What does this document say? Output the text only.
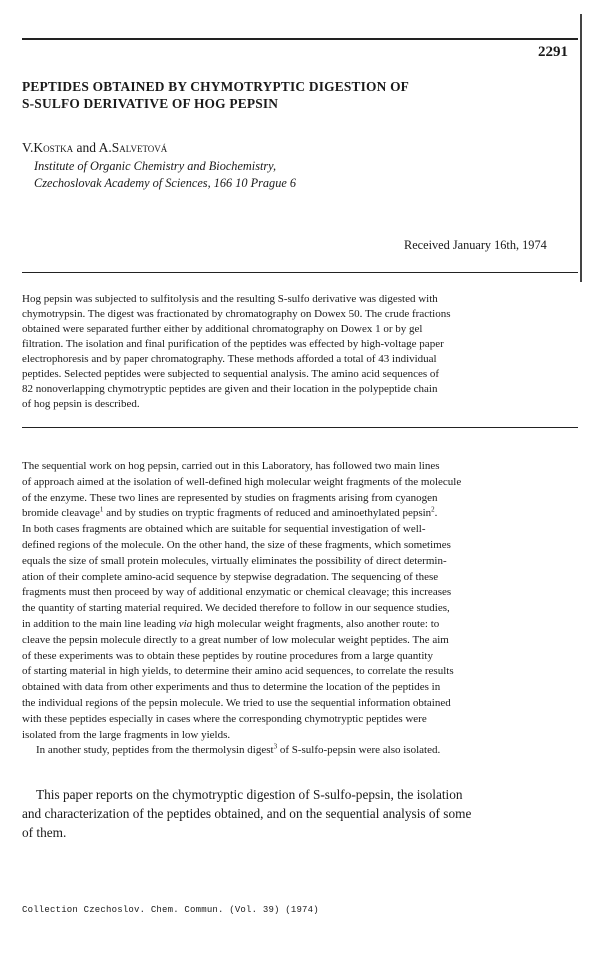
2291
PEPTIDES OBTAINED BY CHYMOTRYPTIC DIGESTION OF
S-SULFO DERIVATIVE OF HOG PEPSIN
V.Kostka and A.Salvetová
Institute of Organic Chemistry and Biochemistry,
Czechoslovak Academy of Sciences, 166 10 Prague 6
Received January 16th, 1974
Hog pepsin was subjected to sulfitolysis and the resulting S-sulfo derivative was digested with
chymotrypsin. The digest was fractionated by chromatography on Dowex 50. The crude fractions
obtained were separated further either by additional chromatography on Dowex 1 or by gel
filtration. The isolation and final purification of the peptides was effected by high-voltage paper
electrophoresis and by paper chromatography. These methods afforded a total of 43 individual
peptides. Selected peptides were subjected to sequential analysis. The amino acid sequences of
82 nonoverlapping chymotryptic peptides are given and their location in the polypeptide chain
of hog pepsin is described.
The sequential work on hog pepsin, carried out in this Laboratory, has followed two main lines
of approach aimed at the isolation of well-defined high molecular weight fragments of the molecule
of the enzyme. These two lines are represented by studies on fragments arising from cyanogen
bromide cleavage$^1$ and by studies on tryptic fragments of reduced and aminoethylated pepsin$^2$.
In both cases fragments are obtained which are suitable for sequential investigation of well-
defined regions of the molecule. On the other hand, the size of these fragments, which sometimes
equals the size of small protein molecules, virtually eliminates the possibility of direct determin-
ation of their complete amino-acid sequence by stepwise degradation. The sequencing of these
fragments must then proceed by way of additional enzymatic or chemical cleavage; this increases
the quantity of starting material required. We decided therefore to follow in our sequence studies,
in addition to the main line leading via high molecular weight fragments, also another route: to
cleave the pepsin molecule directly to a great number of low molecular weight peptides. The aim
of these experiments was to obtain these peptides by routine procedures from a large quantity
of starting material in high yields, to determine their amino acid sequences, to correlate the results
obtained with data from other experiments and thus to determine the location of the peptides in
the individual regions of the pepsin molecule. We tried to use the sequential information obtained
with these peptides especially in cases where the corresponding chymotryptic peptides were
isolated from the large fragments in low yields.
In another study, peptides from the thermolysin digest$^3$ of S-sulfo-pepsin were also isolated.
This paper reports on the chymotryptic digestion of S-sulfo-pepsin, the isolation
and characterization of the peptides obtained, and on the sequential analysis of some
of them.
Collection Czechoslov. Chem. Commun. (Vol. 39) (1974)
